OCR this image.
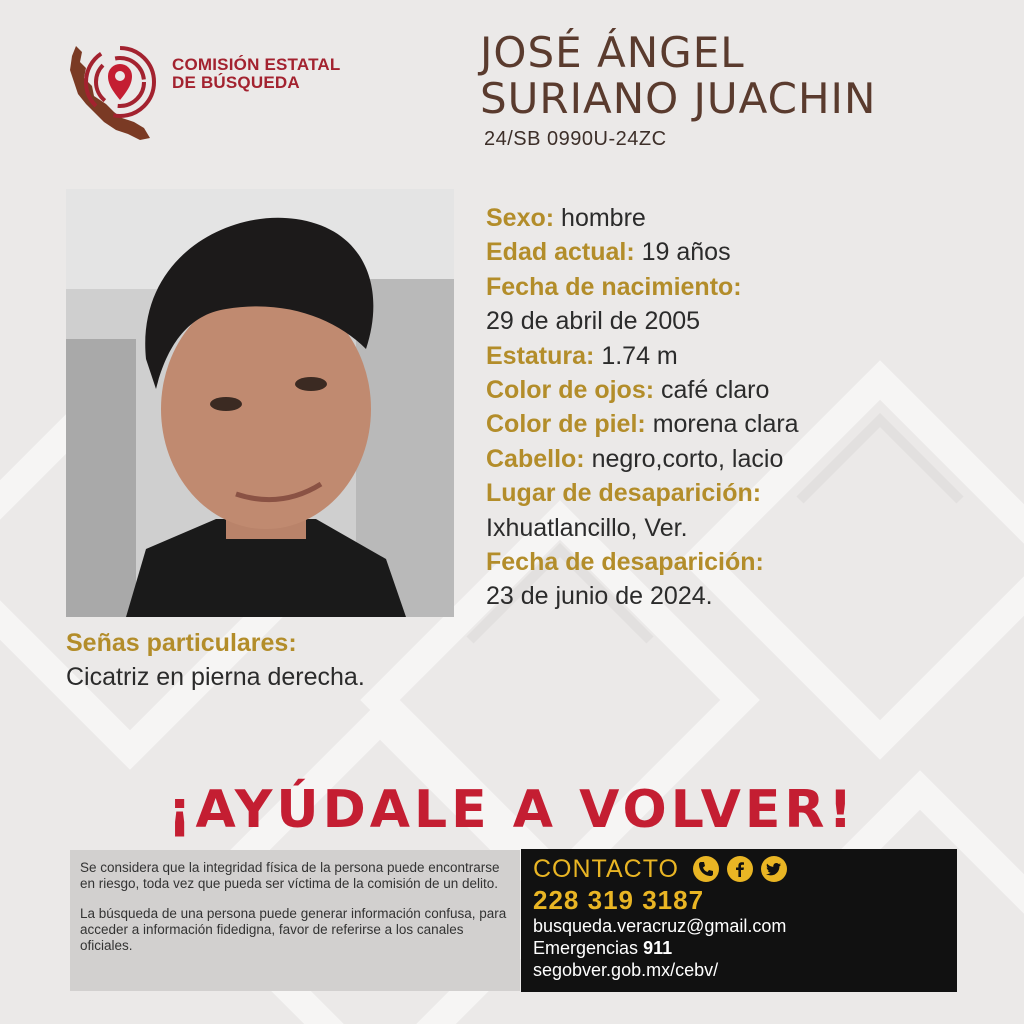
COMISIÓN ESTATAL
DE BÚSQUEDA
JOSÉ ÁNGEL
SURIANO JUACHIN
24/SB 0990U-24ZC
Sexo: hombre
Edad actual: 19 años
Fecha de nacimiento:
29 de abril de 2005
Estatura: 1.74 m
Color de ojos: café claro
Color de piel: morena clara
Cabello: negro,corto, lacio
Lugar de desaparición:
Ixhuatlancillo, Ver.
Fecha de desaparición:
23 de junio de 2024.
Señas particulares:
Cicatriz en pierna derecha.
¡AYÚDALE A VOLVER!

Se considera que la integridad física de la persona puede encontrarse en riesgo, toda vez que pueda ser víctima de la comisión de un delito.

La búsqueda de una persona puede generar información confusa, para acceder a información fidedigna, favor de referirse a los canales oficiales.

CONTACTO
228 319 3187
busqueda.veracruz@gmail.com
Emergencias 911
segobver.gob.mx/cebv/
